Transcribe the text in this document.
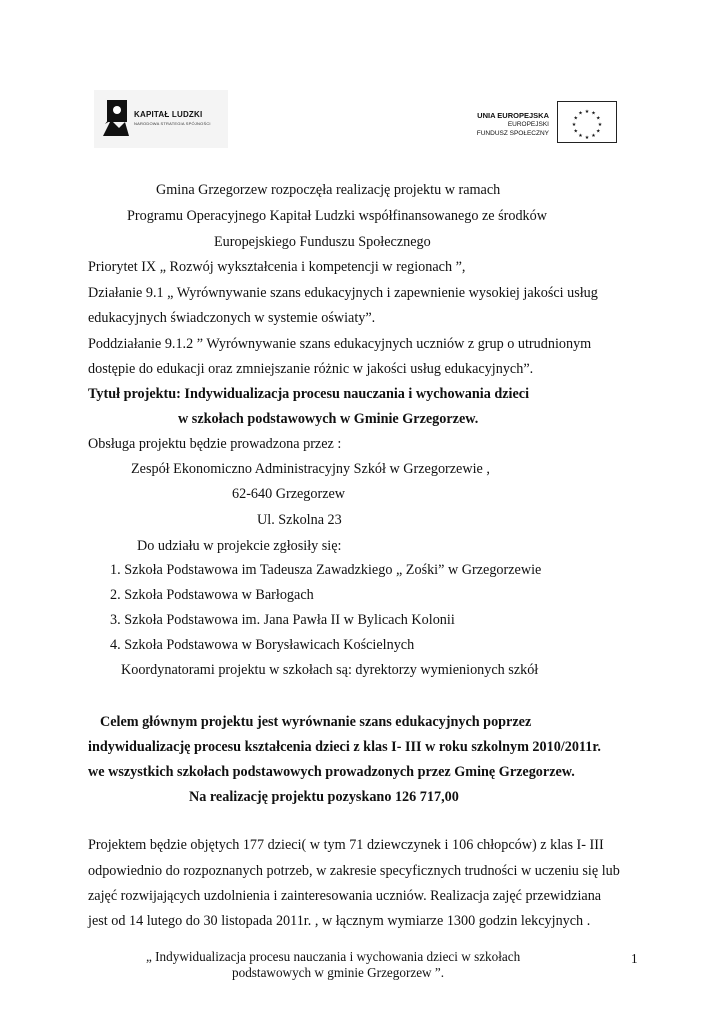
KAPITAŁ LUDZKI
NARODOWA STRATEGIA SPÓJNOŚCI
UNIA EUROPEJSKA
EUROPEJSKI
FUNDUSZ SPOŁECZNY
★ ★
★
★
★
★
★
★
★
★
★
★
Gmina Grzegorzew rozpoczęła realizację projektu w ramach
Programu Operacyjnego Kapitał Ludzki współfinansowanego ze środków
Europejskiego Funduszu Społecznego
Priorytet IX „ Rozwój wykształcenia i kompetencji w regionach ”,
Działanie 9.1 „ Wyrównywanie szans edukacyjnych i zapewnienie wysokiej jakości usług
edukacyjnych świadczonych w systemie oświaty”.
Poddziałanie 9.1.2 ” Wyrównywanie szans edukacyjnych uczniów z grup o utrudnionym
dostępie do edukacji oraz zmniejszanie różnic w jakości usług edukacyjnych”.
Tytuł projektu: Indywidualizacja procesu nauczania i wychowania dzieci
w szkołach podstawowych w Gminie Grzegorzew.
Obsługa projektu będzie prowadzona przez :
Zespół Ekonomiczno Administracyjny Szkół w Grzegorzewie ,
62-640 Grzegorzew
Ul. Szkolna 23
Do udziału w projekcie zgłosiły się:
1. Szkoła Podstawowa im Tadeusza Zawadzkiego „ Zośki” w Grzegorzewie
2. Szkoła Podstawowa w Barłogach
3. Szkoła Podstawowa im. Jana Pawła II w Bylicach Kolonii
4. Szkoła Podstawowa w Borysławicach Kościelnych
Koordynatorami projektu w szkołach są: dyrektorzy wymienionych szkół
Celem głównym projektu jest wyrównanie szans edukacyjnych poprzez
indywidualizację procesu kształcenia dzieci z klas I- III w roku szkolnym 2010/2011r.
we wszystkich szkołach podstawowych prowadzonych przez Gminę Grzegorzew.
Na realizację projektu pozyskano 126 717,00
Projektem będzie objętych 177 dzieci( w tym 71 dziewczynek i 106 chłopców) z klas I- III
odpowiednio do rozpoznanych potrzeb, w zakresie specyficznych trudności w uczeniu się lub
zajęć rozwijających uzdolnienia i zainteresowania uczniów. Realizacja zajęć przewidziana
jest od 14 lutego do 30 listopada 2011r. , w łącznym wymiarze 1300 godzin lekcyjnych .
„ Indywidualizacja procesu nauczania i wychowania dzieci w szkołach
podstawowych w gminie Grzegorzew ”.
1
